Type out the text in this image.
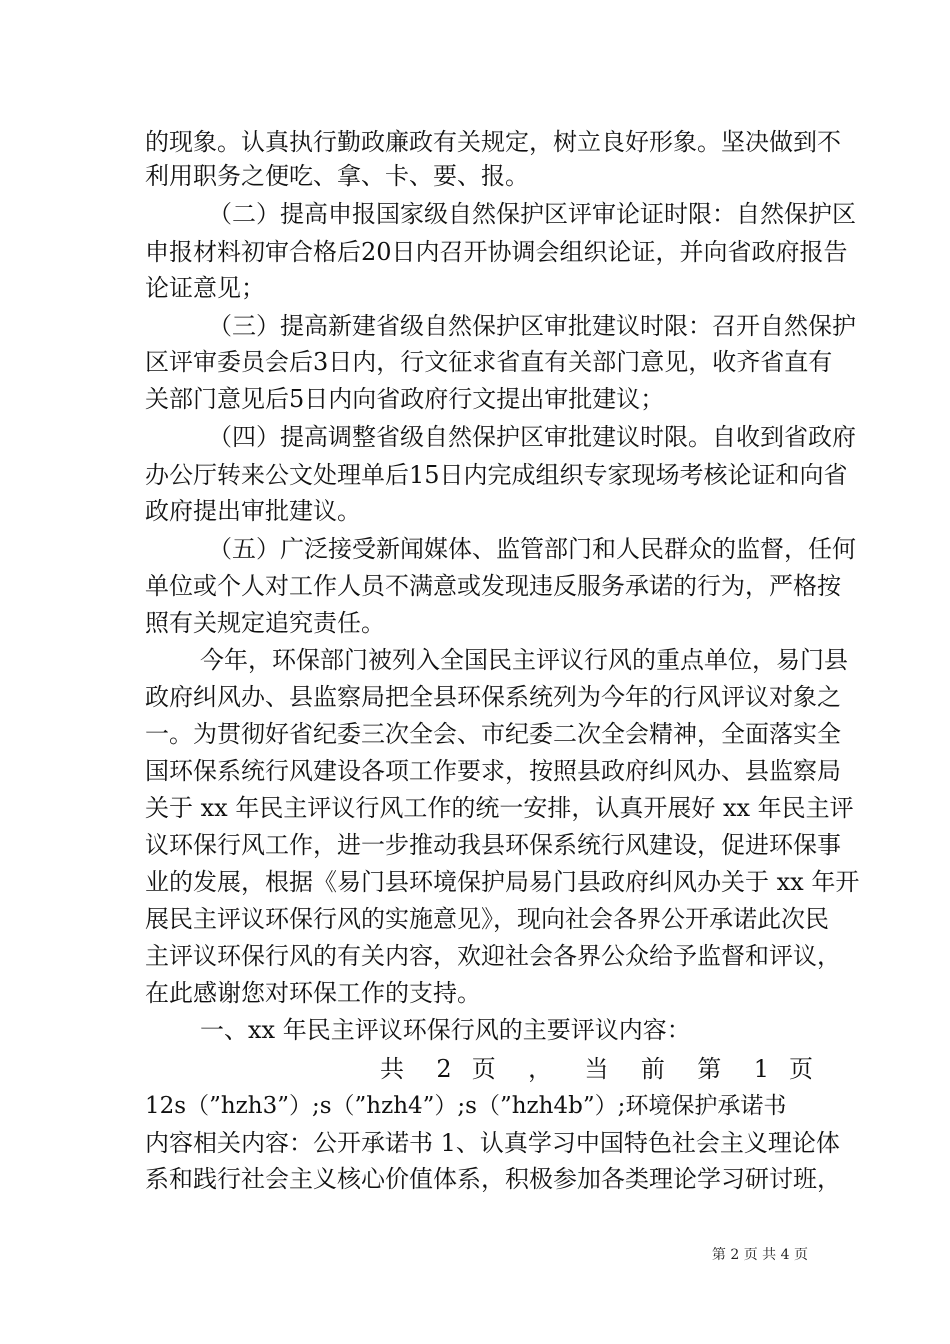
的现象。认真执行勤政廉政有关规定，树立良好形象。坚决做到不
利用职务之便吃、拿、卡、要、报。
（二）提高申报国家级自然保护区评审论证时限：自然保护区
申报材料初审合格后20日内召开协调会组织论证，并向省政府报告
论证意见；
（三）提高新建省级自然保护区审批建议时限：召开自然保护
区评审委员会后3日内，行文征求省直有关部门意见，收齐省直有
关部门意见后5日内向省政府行文提出审批建议；
（四）提高调整省级自然保护区审批建议时限。自收到省政府
办公厅转来公文处理单后15日内完成组织专家现场考核论证和向省
政府提出审批建议。
（五）广泛接受新闻媒体、监管部门和人民群众的监督，任何
单位或个人对工作人员不满意或发现违反服务承诺的行为，严格按
照有关规定追究责任。
今年，环保部门被列入全国民主评议行风的重点单位，易门县
政府纠风办、县监察局把全县环保系统列为今年的行风评议对象之
一。为贯彻好省纪委三次全会、市纪委二次全会精神，全面落实全
国环保系统行风建设各项工作要求，按照县政府纠风办、县监察局
关于 xx 年民主评议行风工作的统一安排，认真开展好 xx 年民主评
议环保行风工作，进一步推动我县环保系统行风建设，促进环保事
业的发展，根据《易门县环境保护局易门县政府纠风办关于 xx 年开
展民主评议环保行风的实施意见》，现向社会各界公开承诺此次民
主评议环保行风的有关内容，欢迎社会各界公众给予监督和评议，
在此感谢您对环保工作的支持。
一、xx 年民主评议环保行风的主要评议内容：
共 2 页 ， 当 前 第 1 页
12s（”hzh3”）;s（”hzh4”）;s（”hzh4b”）;环境保护承诺书
内容相关内容：公开承诺书 1、认真学习中国特色社会主义理论体
系和践行社会主义核心价值体系，积极参加各类理论学习研讨班，
第 2 页 共 4 页
